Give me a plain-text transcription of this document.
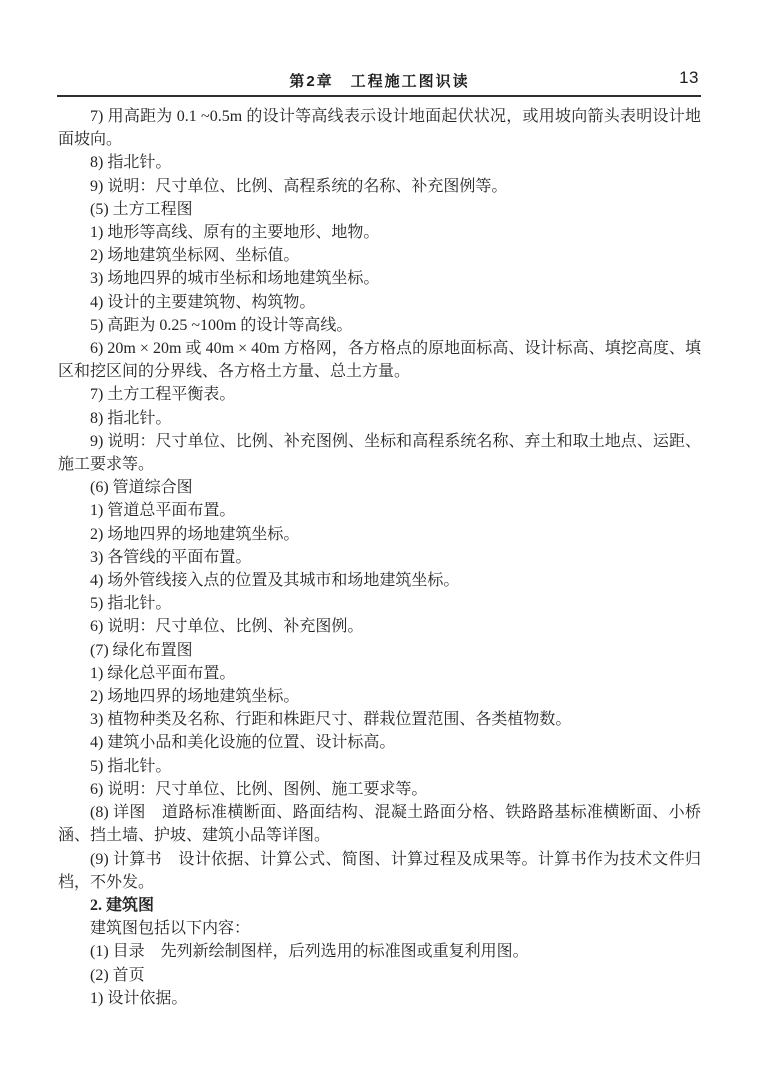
第2章　工程施工图识读	13

7) 用高距为 0.1 ~0.5m 的设计等高线表示设计地面起伏状况，或用坡向箭头表明设计地面坡向。

8) 指北针。

9) 说明：尺寸单位、比例、高程系统的名称、补充图例等。

(5) 土方工程图

1) 地形等高线、原有的主要地形、地物。

2) 场地建筑坐标网、坐标值。

3) 场地四界的城市坐标和场地建筑坐标。

4) 设计的主要建筑物、构筑物。

5) 高距为 0.25 ~100m 的设计等高线。

6) 20m × 20m 或 40m × 40m 方格网，各方格点的原地面标高、设计标高、填挖高度、填区和挖区间的分界线、各方格土方量、总土方量。

7) 土方工程平衡表。

8) 指北针。

9) 说明：尺寸单位、比例、补充图例、坐标和高程系统名称、弃土和取土地点、运距、施工要求等。

(6) 管道综合图

1) 管道总平面布置。

2) 场地四界的场地建筑坐标。

3) 各管线的平面布置。

4) 场外管线接入点的位置及其城市和场地建筑坐标。

5) 指北针。

6) 说明：尺寸单位、比例、补充图例。

(7) 绿化布置图

1) 绿化总平面布置。

2) 场地四界的场地建筑坐标。

3) 植物种类及名称、行距和株距尺寸、群栽位置范围、各类植物数。

4) 建筑小品和美化设施的位置、设计标高。

5) 指北针。

6) 说明：尺寸单位、比例、图例、施工要求等。

(8) 详图　道路标准横断面、路面结构、混凝土路面分格、铁路路基标准横断面、小桥涵、挡土墙、护坡、建筑小品等详图。

(9) 计算书　设计依据、计算公式、简图、计算过程及成果等。计算书作为技术文件归档，不外发。

2. 建筑图

建筑图包括以下内容：

(1) 目录　先列新绘制图样，后列选用的标准图或重复利用图。

(2) 首页

1) 设计依据。
